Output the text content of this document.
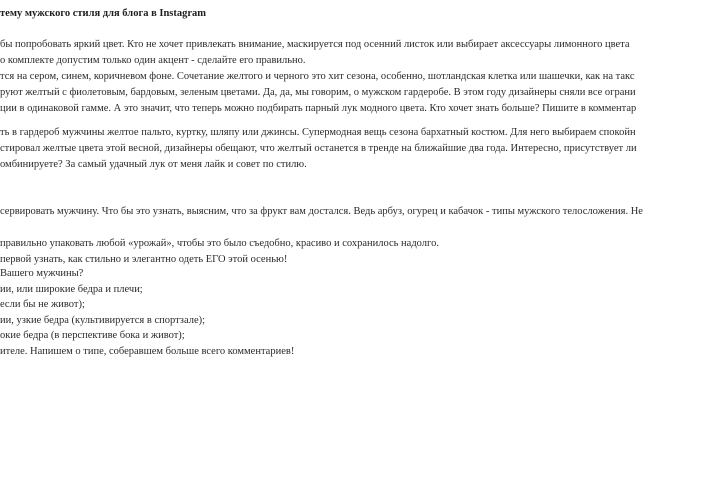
темy мужского стиля для блога в Instagram

бы попробовать яркий цвет. Кто не хочет привлекать внимание, маскируется под осенний листок или выбирает аксессуары лимонного цвета

о комплекте допустим только один акцент - сделайте его правильно.

тся на сером, синем, коричневом фоне. Сочетание желтого и черного это хит сезона, особенно, шотландская клетка или шашечки, как на такс

руют желтый с фиолетовым, бардовым, зеленым цветами. Да, да, мы говорим, о мужском гардеробе. В этом году дизайнеры сняли все ограни

ции в одинаковой гамме. А это значит, что теперь можно подбирать парный лук модного цвета. Кто хочет знать больше? Пишите в комментар

ть в гардероб мужчины желтое пальто, куртку, шляпу или джинсы. Супермодная вещь сезона бархатный костюм. Для него выбираем спокойн

стировал желтые цвета этой весной, дизайнеры обещают, что желтый останется в тренде на ближайшие два года. Интересно, присутствует ли

омбинируете? За самый удачный лук от меня лайк и совет по стилю.

сервировать мужчину. Что бы это узнать, выясним, что за фрукт вам достался. Ведь арбуз, огурец и кабачок - типы мужского телосложения. Не

правильно упаковать любой «урожай», чтобы это было съедобно, красиво и сохранилось надолго.

первой узнать, как стильно и элегантно одеть ЕГО этой осенью!

Вашего мужчины?

ии, или широкие бедра и плечи;

если бы не живот);

ии, узкие бедра (культивируется в спортзале);

окие бедра (в перспективе бока и живот);

ителе. Напишем о типе, соберавшем больше всего комментариев!
